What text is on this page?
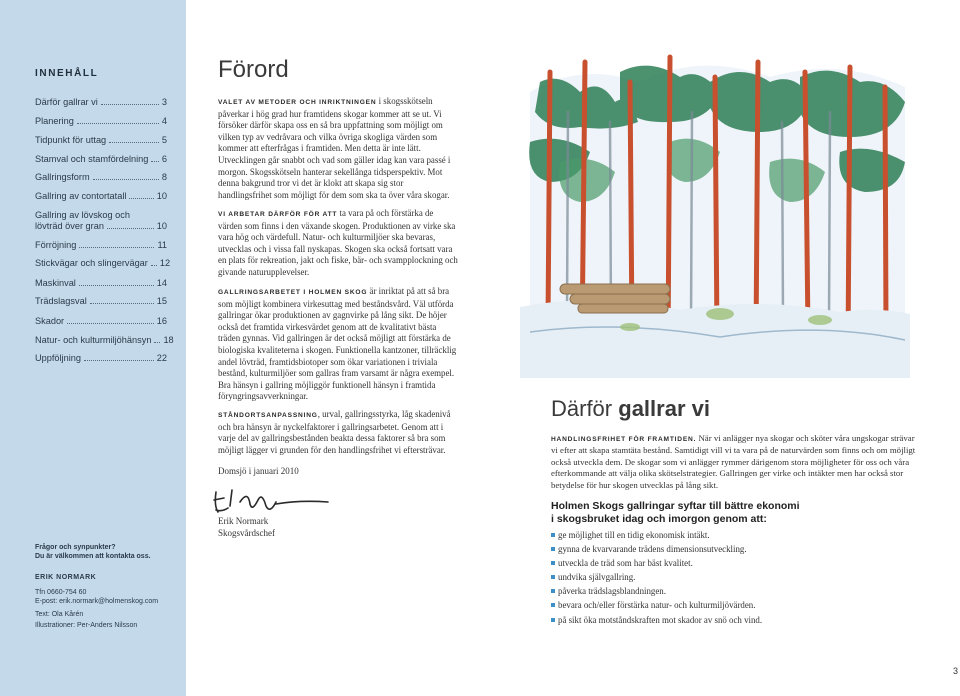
INNEHÅLL
Därför gallrar vi	3
Planering	4
Tidpunkt för uttag	5
Stamval och stamfördelning 6
Gallringsform	8
Gallring av contortatall	10
Gallring av lövskog och
lövträd över gran	10
Förröjning	11
Stickvägar och slingervägar 12
Maskinval	14
Trädslagsval	15
Skador	16
Natur- och kulturmiljöhänsyn 18
Uppföljning	22
Frågor och synpunkter?
Du är välkommen att kontakta oss.
ERIK NORMARK
Tfn 0660-754 60
E-post: erik.normark@holmenskog.com
Text: Ola Kårén
Illustrationer: Per-Anders Nilsson
Förord
VALET AV METODER OCH INRIKTNINGEN i skogsskötseln påverkar i hög grad hur framtidens skogar kommer att se ut. Vi försöker därför skapa oss en så bra uppfattning som möjligt om vilken typ av vedråvara och vilka övriga skogliga värden som kommer att efterfrågas i framtiden. Men detta är inte lätt. Utvecklingen går snabbt och vad som gäller idag kan vara passé i morgon. Skogsskötseln hanterar sekellånga tidsperspektiv. Mot denna bakgrund tror vi det är klokt att skapa sig stor handlingsfrihet som möjligt för dem som ska ta över våra skogar.
VI ARBETAR DÄRFÖR FÖR ATT ta vara på och förstärka de värden som finns i den växande skogen. Produktionen av virke ska vara hög och värdefull. Natur- och kulturmiljöer ska bevaras, utvecklas och i vissa fall nyskapas. Skogen ska också fortsatt vara en plats för rekreation, jakt och fiske, bär- och svampplockning och givande naturupplevelser.
GALLRINGSARBETET I HOLMEN SKOG är inriktat på att så bra som möjligt kombinera virkesuttag med beståndsvård. Väl utförda gallringar ökar produktionen av gagnvirke på lång sikt. De höjer också det framtida virkesvärdet genom att de kvalitativt bästa träden gynnas. Vid gallringen är det också möjligt att förstärka de biologiska kvaliteterna i skogen. Funktionella kantzoner, tillräcklig andel lövträd, framtidsbiotoper som ökar variationen i triviala bestånd, kulturmiljöer som gallras fram varsamt är några exempel. Bra hänsyn i gallring möjliggör funktionell hänsyn i framtida föryngringsavverkningar.
STÅNDORTSANPASSNING, urval, gallringsstyrka, låg skadenivå och bra hänsyn är nyckelfaktorer i gallringsarbetet. Genom att i varje del av gallringsbestånden beakta dessa faktorer så bra som möjligt lägger vi grunden för den handlingsfrihet vi eftersträvar.
Domsjö i januari 2010
Erik Normark
Skogsvårdschef
Därför gallrar vi
HANDLINGSFRIHET FÖR FRAMTIDEN. När vi anlägger nya skogar och sköter våra ungskogar strävar vi efter att skapa stamtäta bestånd. Samtidigt vill vi ta vara på de naturvärden som finns och om möjligt också utveckla dem. De skogar som vi anlägger rymmer därigenom stora möjligheter för oss och våra efterkommande att välja olika skötselstrategier. Gallringen ger virke och intäkter men har också stor betydelse för hur skogen utvecklas på lång sikt.
Holmen Skogs gallringar syftar till bättre ekonomi
i skogsbruket idag och imorgon genom att:
ge möjlighet till en tidig ekonomisk intäkt.
gynna de kvarvarande trädens dimensionsutveckling.
utveckla de träd som har bäst kvalitet.
undvika självgallring.
påverka trädslagsblandningen.
bevara och/eller förstärka natur- och kulturmiljövärden.
på sikt öka motståndskraften mot skador av snö och vind.
3
